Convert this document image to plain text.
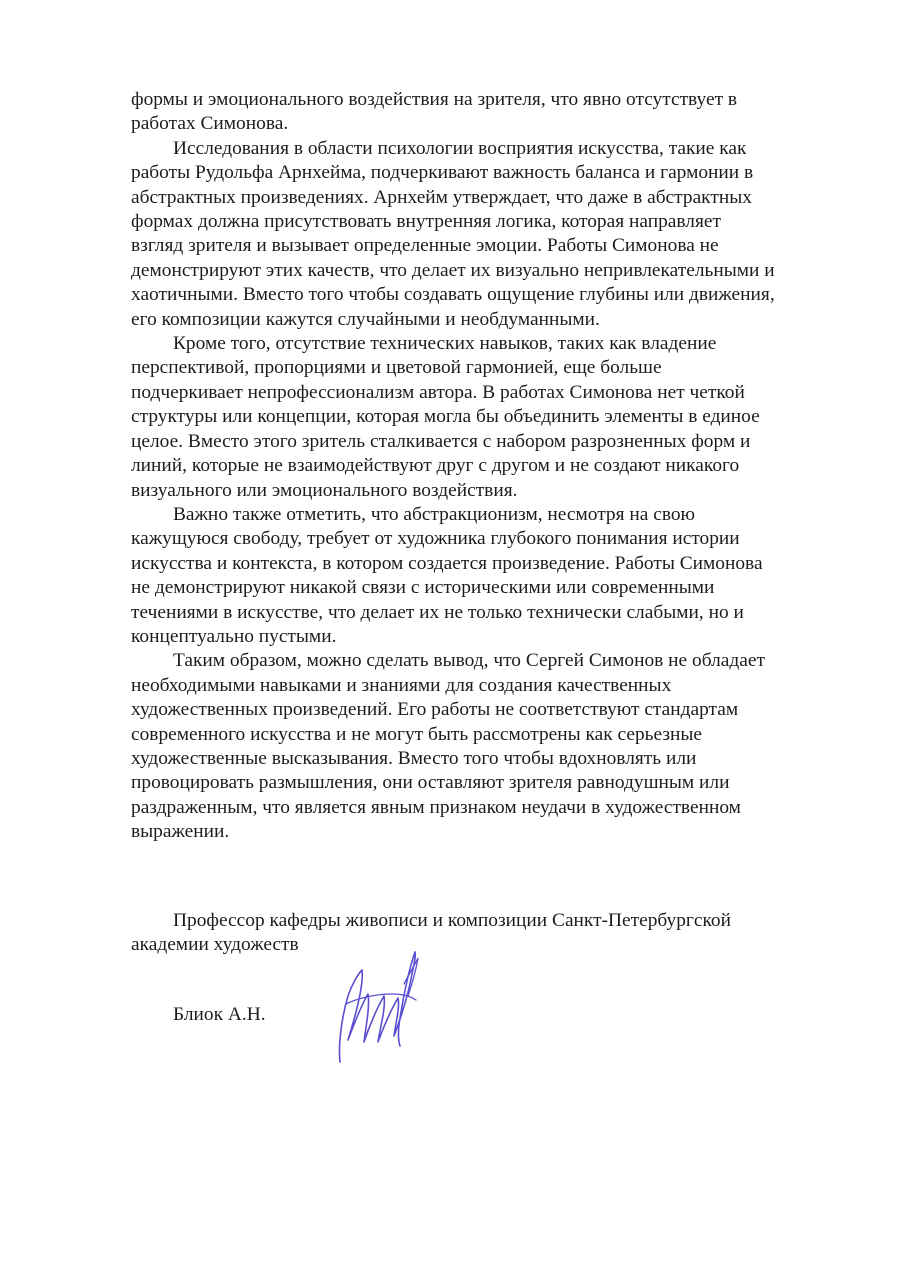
формы и эмоционального воздействия на зрителя, что явно отсутствует в
работах Симонова.
Исследования в области психологии восприятия искусства, такие как
работы Рудольфа Арнхейма, подчеркивают важность баланса и гармонии в
абстрактных произведениях. Арнхейм утверждает, что даже в абстрактных
формах должна присутствовать внутренняя логика, которая направляет
взгляд зрителя и вызывает определенные эмоции. Работы Симонова не
демонстрируют этих качеств, что делает их визуально непривлекательными и
хаотичными. Вместо того чтобы создавать ощущение глубины или движения,
его композиции кажутся случайными и необдуманными.
Кроме того, отсутствие технических навыков, таких как владение
перспективой, пропорциями и цветовой гармонией, еще больше
подчеркивает непрофессионализм автора. В работах Симонова нет четкой
структуры или концепции, которая могла бы объединить элементы в единое
целое. Вместо этого зритель сталкивается с набором разрозненных форм и
линий, которые не взаимодействуют друг с другом и не создают никакого
визуального или эмоционального воздействия.
Важно также отметить, что абстракционизм, несмотря на свою
кажущуюся свободу, требует от художника глубокого понимания истории
искусства и контекста, в котором создается произведение. Работы Симонова
не демонстрируют никакой связи с историческими или современными
течениями в искусстве, что делает их не только технически слабыми, но и
концептуально пустыми.
Таким образом, можно сделать вывод, что Сергей Симонов не обладает
необходимыми навыками и знаниями для создания качественных
художественных произведений. Его работы не соответствуют стандартам
современного искусства и не могут быть рассмотрены как серьезные
художественные высказывания. Вместо того чтобы вдохновлять или
провоцировать размышления, они оставляют зрителя равнодушным или
раздраженным, что является явным признаком неудачи в художественном
выражении.
Профессор кафедры живописи и композиции Санкт-Петербургской
академии художеств
Блиок А.Н.
